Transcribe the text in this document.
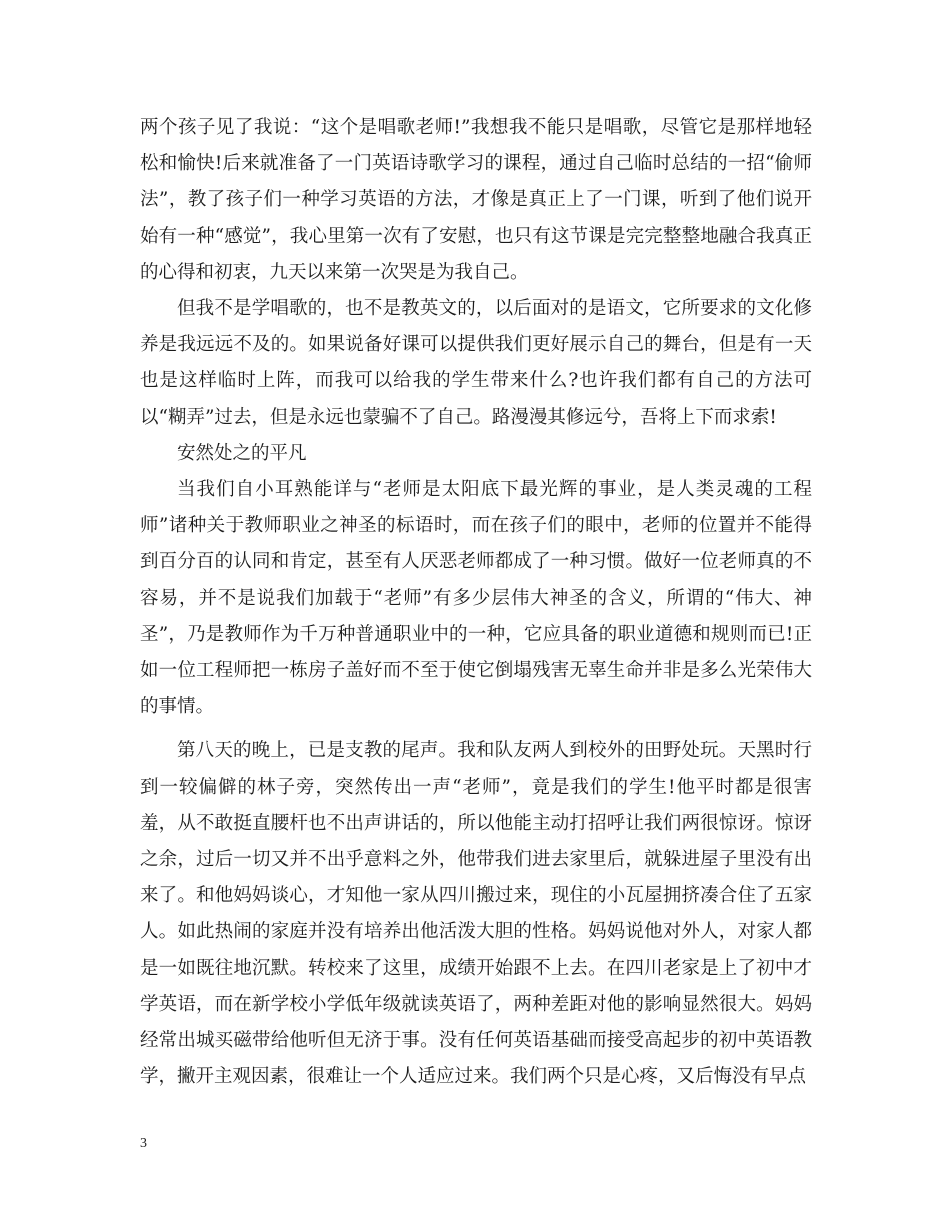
两个孩子见了我说：“这个是唱歌老师!”我想我不能只是唱歌，尽管它是那样地轻松和愉快!后来就准备了一门英语诗歌学习的课程，通过自己临时总结的一招“偷师法”，教了孩子们一种学习英语的方法，才像是真正上了一门课，听到了他们说开始有一种“感觉”，我心里第一次有了安慰，也只有这节课是完完整整地融合我真正的心得和初衷，九天以来第一次哭是为我自己。

但我不是学唱歌的，也不是教英文的，以后面对的是语文，它所要求的文化修养是我远远不及的。如果说备好课可以提供我们更好展示自己的舞台，但是有一天也是这样临时上阵，而我可以给我的学生带来什么?也许我们都有自己的方法可以“糊弄”过去，但是永远也蒙骗不了自己。路漫漫其修远兮，吾将上下而求索!

安然处之的平凡

当我们自小耳熟能详与“老师是太阳底下最光辉的事业，是人类灵魂的工程师”诸种关于教师职业之神圣的标语时，而在孩子们的眼中，老师的位置并不能得到百分百的认同和肯定，甚至有人厌恶老师都成了一种习惯。做好一位老师真的不容易，并不是说我们加载于“老师”有多少层伟大神圣的含义，所谓的“伟大、神圣”，乃是教师作为千万种普通职业中的一种，它应具备的职业道德和规则而已!正如一位工程师把一栋房子盖好而不至于使它倒塌残害无辜生命并非是多么光荣伟大的事情。

第八天的晚上，已是支教的尾声。我和队友两人到校外的田野处玩。天黑时行到一较偏僻的林子旁，突然传出一声“老师”，竟是我们的学生!他平时都是很害羞，从不敢挺直腰杆也不出声讲话的，所以他能主动打招呼让我们两很惊讶。惊讶之余，过后一切又并不出乎意料之外，他带我们进去家里后，就躲进屋子里没有出来了。和他妈妈谈心，才知他一家从四川搬过来，现住的小瓦屋拥挤凑合住了五家人。如此热闹的家庭并没有培养出他活泼大胆的性格。妈妈说他对外人，对家人都是一如既往地沉默。转校来了这里，成绩开始跟不上去。在四川老家是上了初中才学英语，而在新学校小学低年级就读英语了，两种差距对他的影响显然很大。妈妈经常出城买磁带给他听但无济于事。没有任何英语基础而接受高起步的初中英语教学，撇开主观因素，很难让一个人适应过来。我们两个只是心疼，又后悔没有早点

3
